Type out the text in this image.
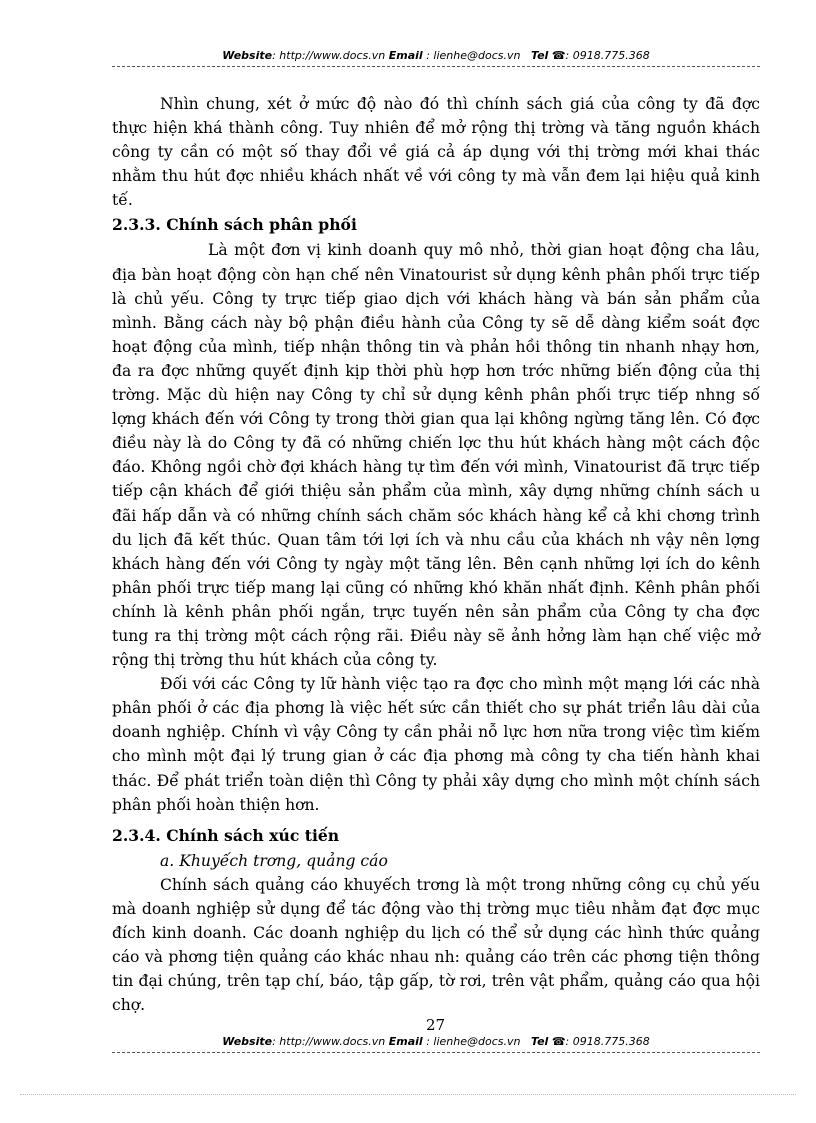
Website: http://www.docs.vn Email : lienhe@docs.vn Tel ☎: 0918.775.368

Nhìn chung, xét ở mức độ nào đó thì chính sách giá của công ty đã đợc thực hiện khá thành công. Tuy nhiên để mở rộng thị trờng và tăng nguồn khách công ty cần có một số thay đổi về giá cả áp dụng với thị trờng mới khai thác nhằm thu hút đợc nhiều khách nhất về với công ty mà vẫn đem lại hiệu quả kinh tế.

2.3.3. Chính sách phân phối

Là một đơn vị kinh doanh quy mô nhỏ, thời gian hoạt động cha lâu, địa bàn hoạt động còn hạn chế nên Vinatourist sử dụng kênh phân phối trực tiếp là chủ yếu. Công ty trực tiếp giao dịch với khách hàng và bán sản phẩm của mình. Bằng cách này bộ phận điều hành của Công ty sẽ dễ dàng kiểm soát đợc hoạt động của mình, tiếp nhận thông tin và phản hồi thông tin nhanh nhạy hơn, đa ra đợc những quyết định kịp thời phù hợp hơn trớc những biến động của thị trờng. Mặc dù hiện nay Công ty chỉ sử dụng kênh phân phối trực tiếp nhng số lợng khách đến với Công ty trong thời gian qua lại không ngừng tăng lên. Có đợc điều này là do Công ty đã có những chiến lợc thu hút khách hàng một cách độc đáo. Không ngồi chờ đợi khách hàng tự tìm đến với mình, Vinatourist đã trực tiếp tiếp cận khách để giới thiệu sản phẩm của mình, xây dựng những chính sách u đãi hấp dẫn và có những chính sách chăm sóc khách hàng kể cả khi chơng trình du lịch đã kết thúc. Quan tâm tới lợi ích và nhu cầu của khách nh vậy nên lợng khách hàng đến với Công ty ngày một tăng lên. Bên cạnh những lợi ích do kênh phân phối trực tiếp mang lại cũng có những khó khăn nhất định. Kênh phân phối chính là kênh phân phối ngắn, trực tuyến nên sản phẩm của Công ty cha đợc tung ra thị trờng một cách rộng rãi. Điều này sẽ ảnh hởng làm hạn chế việc mở rộng thị trờng thu hút khách của công ty.

Đối với các Công ty lữ hành việc tạo ra đợc cho mình một mạng lới các nhà phân phối ở các địa phơng là việc hết sức cần thiết cho sự phát triển lâu dài của doanh nghiệp. Chính vì vậy Công ty cần phải nỗ lực hơn nữa trong việc tìm kiếm cho mình một đại lý trung gian ở các địa phơng mà công ty cha tiến hành khai thác. Để phát triển toàn diện thì Công ty phải xây dựng cho mình một chính sách phân phối hoàn thiện hơn.

2.3.4. Chính sách xúc tiến

a. Khuyếch trơng, quảng cáo

Chính sách quảng cáo khuyếch trơng là một trong những công cụ chủ yếu mà doanh nghiệp sử dụng để tác động vào thị trờng mục tiêu nhằm đạt đợc mục đích kinh doanh. Các doanh nghiệp du lịch có thể sử dụng các hình thức quảng cáo và phơng tiện quảng cáo khác nhau nh: quảng cáo trên các phơng tiện thông tin đại chúng, trên tạp chí, báo, tập gấp, tờ rơi, trên vật phẩm, quảng cáo qua hội chợ.

27
Website: http://www.docs.vn Email : lienhe@docs.vn Tel ☎: 0918.775.368
